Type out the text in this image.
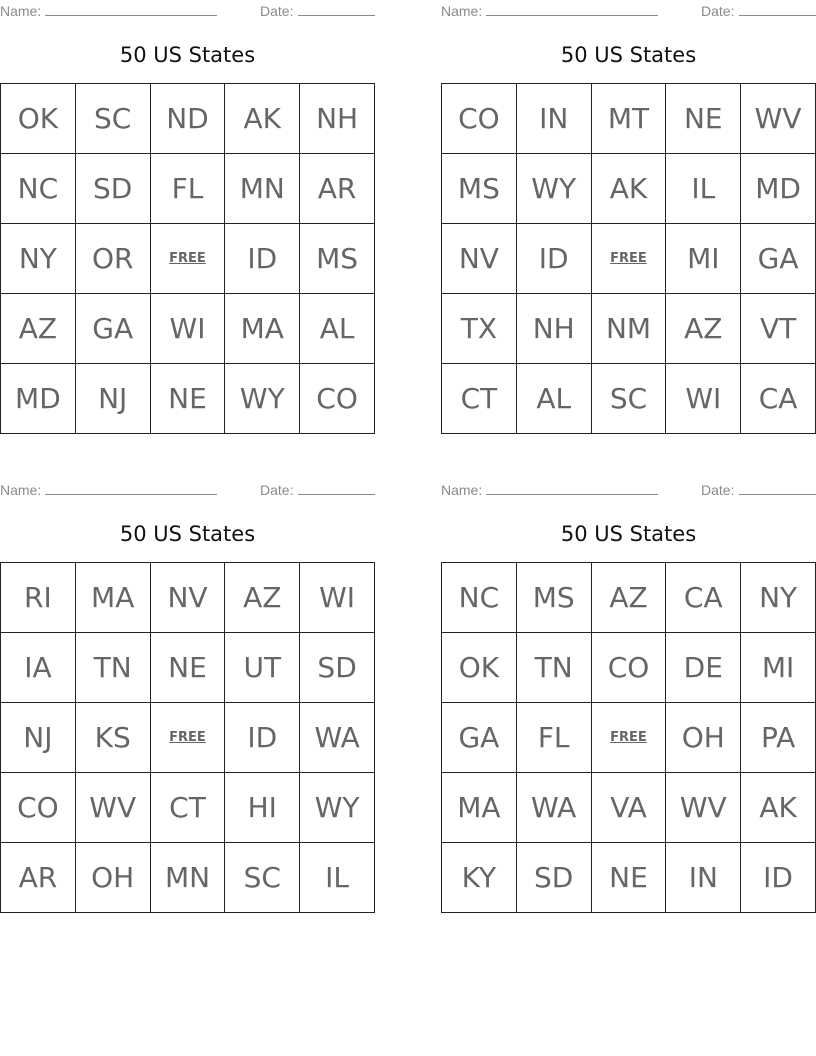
Name:	Date:
50 US States
OK	SC	ND	AK	NH
NC	SD	FL	MN	AR
NY	OR	FREE	ID	MS
AZ	GA	WI	MA	AL
MD	NJ	NE	WY	CO
Name:	Date:
50 US States
CO	IN	MT	NE	WV
MS	WY	AK	IL	MD
NV	ID	FREE	MI	GA
TX	NH	NM	AZ	VT
CT	AL	SC	WI	CA
Name:	Date:
50 US States
RI	MA	NV	AZ	WI
IA	TN	NE	UT	SD
NJ	KS	FREE	ID	WA
CO	WV	CT	HI	WY
AR	OH	MN	SC	IL
Name:	Date:
50 US States
NC	MS	AZ	CA	NY
OK	TN	CO	DE	MI
GA	FL	FREE	OH	PA
MA	WA	VA	WV	AK
KY	SD	NE	IN	ID
